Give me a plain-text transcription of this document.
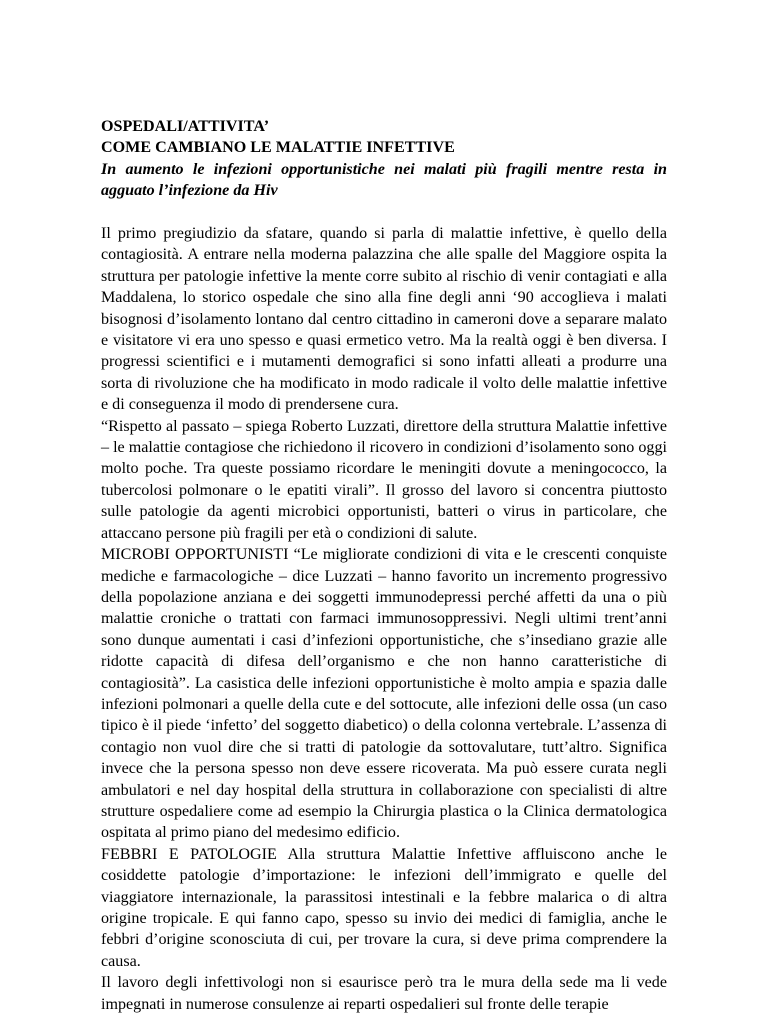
OSPEDALI/ATTIVITA’

COME CAMBIANO LE MALATTIE INFETTIVE

In aumento le infezioni opportunistiche nei malati più fragili mentre resta in agguato l’infezione da Hiv

Il primo pregiudizio da sfatare, quando si parla di malattie infettive, è quello della contagiosità. A entrare nella moderna palazzina che alle spalle del Maggiore ospita la struttura per patologie infettive la mente corre subito al rischio di venir contagiati e alla Maddalena, lo storico ospedale che sino alla fine degli anni ‘90 accoglieva i malati bisognosi d’isolamento lontano dal centro cittadino in cameroni dove a separare malato e visitatore vi era uno spesso e quasi ermetico vetro. Ma la realtà oggi è ben diversa. I progressi scientifici e i mutamenti demografici si sono infatti alleati a produrre una sorta di rivoluzione che ha modificato in modo radicale il volto delle malattie infettive e di conseguenza il modo di prendersene cura.

“Rispetto al passato – spiega Roberto Luzzati, direttore della struttura Malattie infettive – le malattie contagiose che richiedono il ricovero in condizioni d’isolamento sono oggi molto poche. Tra queste possiamo ricordare le meningiti dovute a meningococco, la tubercolosi polmonare o le epatiti virali”. Il grosso del lavoro si concentra piuttosto sulle patologie da agenti microbici opportunisti, batteri o virus in particolare, che attaccano persone più fragili per età o condizioni di salute.

MICROBI OPPORTUNISTI “Le migliorate condizioni di vita e le crescenti conquiste mediche e farmacologiche – dice Luzzati – hanno favorito un incremento progressivo della popolazione anziana e dei soggetti immunodepressi perché affetti da una o più malattie croniche o trattati con farmaci immunosoppressivi. Negli ultimi trent’anni sono dunque aumentati i casi d’infezioni opportunistiche, che s’insediano grazie alle ridotte capacità di difesa dell’organismo e che non hanno caratteristiche di contagiosità”. La casistica delle infezioni opportunistiche è molto ampia e spazia dalle infezioni polmonari a quelle della cute e del sottocute, alle infezioni delle ossa (un caso tipico è il piede ‘infetto’ del soggetto diabetico) o della colonna vertebrale. L’assenza di contagio non vuol dire che si tratti di patologie da sottovalutare, tutt’altro. Significa invece che la persona spesso non deve essere ricoverata. Ma può essere curata negli ambulatori e nel day hospital della struttura in collaborazione con specialisti di altre strutture ospedaliere come ad esempio la Chirurgia plastica o la Clinica dermatologica ospitata al primo piano del medesimo edificio.

FEBBRI E PATOLOGIE Alla struttura Malattie Infettive affluiscono anche le cosiddette patologie d’importazione: le infezioni dell’immigrato e quelle del viaggiatore internazionale, la parassitosi intestinali e la febbre malarica o di altra origine tropicale. E qui fanno capo, spesso su invio dei medici di famiglia, anche le febbri d’origine sconosciuta di cui, per trovare la cura, si deve prima comprendere la causa.

Il lavoro degli infettivologi non si esaurisce però tra le mura della sede ma li vede impegnati in numerose consulenze ai reparti ospedalieri sul fronte delle terapie
